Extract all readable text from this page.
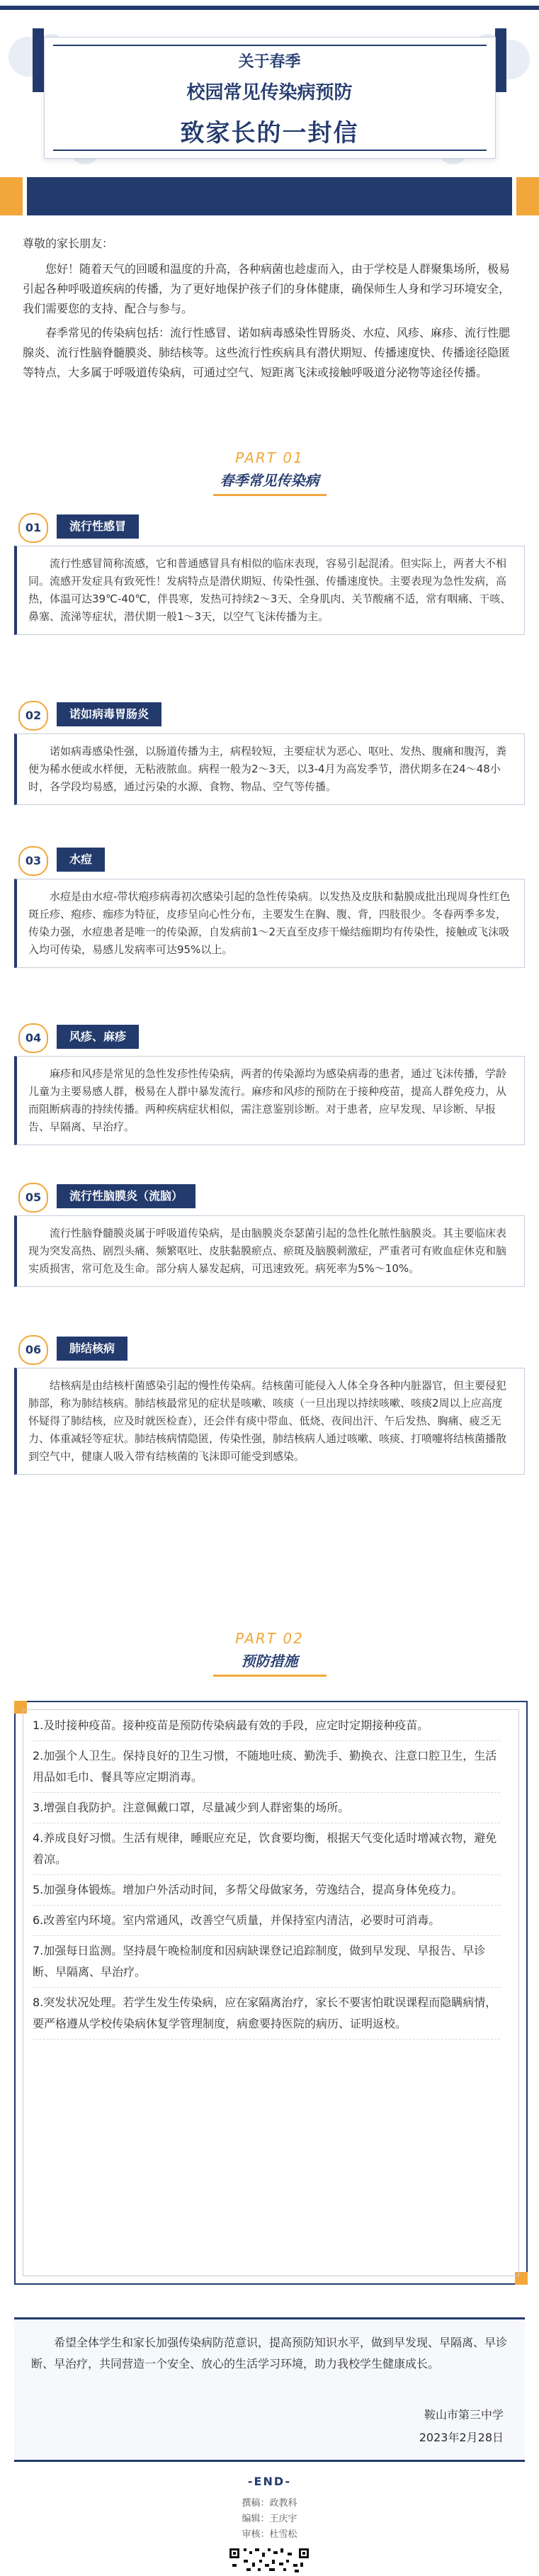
关于春季
校园常见传染病预防
致家长的一封信

尊敬的家长朋友：

您好！随着天气的回暖和温度的升高，各种病菌也趁虚而入，由于学校是人群聚集场所，极易引起各种呼吸道疾病的传播，为了更好地保护孩子们的身体健康，确保师生人身和学习环境安全，我们需要您的支持、配合与参与。

春季常见的传染病包括：流行性感冒、诺如病毒感染性胃肠炎、水痘、风疹、麻疹、流行性腮腺炎、流行性脑脊髓膜炎、肺结核等。这些流行性疾病具有潜伏期短、传播速度快、传播途径隐匿等特点，大多属于呼吸道传染病，可通过空气、短距离飞沫或接触呼吸道分泌物等途径传播。

PART 01
春季常见传染病
01	流行性感冒

流行性感冒简称流感，它和普通感冒具有相似的临床表现，容易引起混淆。但实际上，两者大不相同。流感开发症具有致死性！发病特点是潜伏期短、传染性强、传播速度快。主要表现为急性发病，高热，体温可达39℃-40℃，伴畏寒，发热可持续2～3天、全身肌肉、关节酸痛不适，常有咽痛、干咳、鼻塞、流涕等症状，潜伏期一般1～3天，以空气飞沫传播为主。

02	诺如病毒胃肠炎

诺如病毒感染性强，以肠道传播为主，病程较短，主要症状为恶心、呕吐、发热、腹痛和腹泻，粪便为稀水便或水样便，无粘液脓血。病程一般为2～3天，以3-4月为高发季节，潜伏期多在24～48小时，各学段均易感，通过污染的水源、食物、物品、空气等传播。

03	水痘

水痘是由水痘-带状疱疹病毒初次感染引起的急性传染病。以发热及皮肤和黏膜成批出现周身性红色斑丘疹、疱疹、痂疹为特征，皮疹呈向心性分布，主要发生在胸、腹、背，四肢很少。冬春两季多发，传染力强，水痘患者是唯一的传染源，自发病前1～2天直至皮疹干燥结痂期均有传染性，接触或飞沫吸入均可传染，易感儿发病率可达95%以上。

04	风疹、麻疹

麻疹和风疹是常见的急性发疹性传染病，两者的传染源均为感染病毒的患者，通过飞沫传播，学龄儿童为主要易感人群，极易在人群中暴发流行。麻疹和风疹的预防在于接种疫苗，提高人群免疫力，从而阻断病毒的持续传播。两种疾病症状相似，需注意鉴别诊断。对于患者，应早发现、早诊断、早报告、早隔离、早治疗。

05	流行性脑膜炎（流脑）

流行性脑脊髓膜炎属于呼吸道传染病，是由脑膜炎奈瑟菌引起的急性化脓性脑膜炎。其主要临床表现为突发高热、剧烈头痛、频繁呕吐、皮肤黏膜瘀点、瘀斑及脑膜刺激症，严重者可有败血症休克和脑实质损害，常可危及生命。部分病人暴发起病，可迅速致死。病死率为5%～10%。

06	肺结核病

结核病是由结核杆菌感染引起的慢性传染病。结核菌可能侵入人体全身各种内脏器官，但主要侵犯肺部，称为肺结核病。肺结核最常见的症状是咳嗽、咳痰（一旦出现以持续咳嗽、咳痰2周以上应高度怀疑得了肺结核，应及时就医检查），还会伴有痰中带血、低烧、夜间出汗、午后发热、胸痛、疲乏无力、体重减轻等症状。肺结核病情隐匿，传染性强，肺结核病人通过咳嗽、咳痰、打喷嚏将结核菌播散到空气中，健康人吸入带有结核菌的飞沫即可能受到感染。

PART 02
预防措施
1.及时接种疫苗。接种疫苗是预防传染病最有效的手段，应定时定期接种疫苗。
2.加强个人卫生。保持良好的卫生习惯，不随地吐痰、勤洗手、勤换衣、注意口腔卫生，生活用品如毛巾、餐具等应定期消毒。
3.增强自我防护。注意佩戴口罩，尽量减少到人群密集的场所。
4.养成良好习惯。生活有规律，睡眠应充足，饮食要均衡，根据天气变化适时增减衣物，避免着凉。
5.加强身体锻炼。增加户外活动时间，多帮父母做家务，劳逸结合，提高身体免疫力。
6.改善室内环境。室内常通风，改善空气质量，并保持室内清洁，必要时可消毒。
7.加强每日监测。坚持晨午晚检制度和因病缺课登记追踪制度，做到早发现、早报告、早诊断、早隔离、早治疗。
8.突发状况处理。若学生发生传染病，应在家隔离治疗，家长不要害怕耽误课程而隐瞒病情，要严格遵从学校传染病休复学管理制度，病愈要持医院的病历、证明返校。

希望全体学生和家长加强传染病防范意识，提高预防知识水平，做到早发现、早隔离、早诊断、早治疗，共同营造一个安全、放心的生活学习环境，助力我校学生健康成长。

鞍山市第三中学
2023年2月28日
-END-
撰稿：政教科
编辑：王庆宇
审核：杜雪松
